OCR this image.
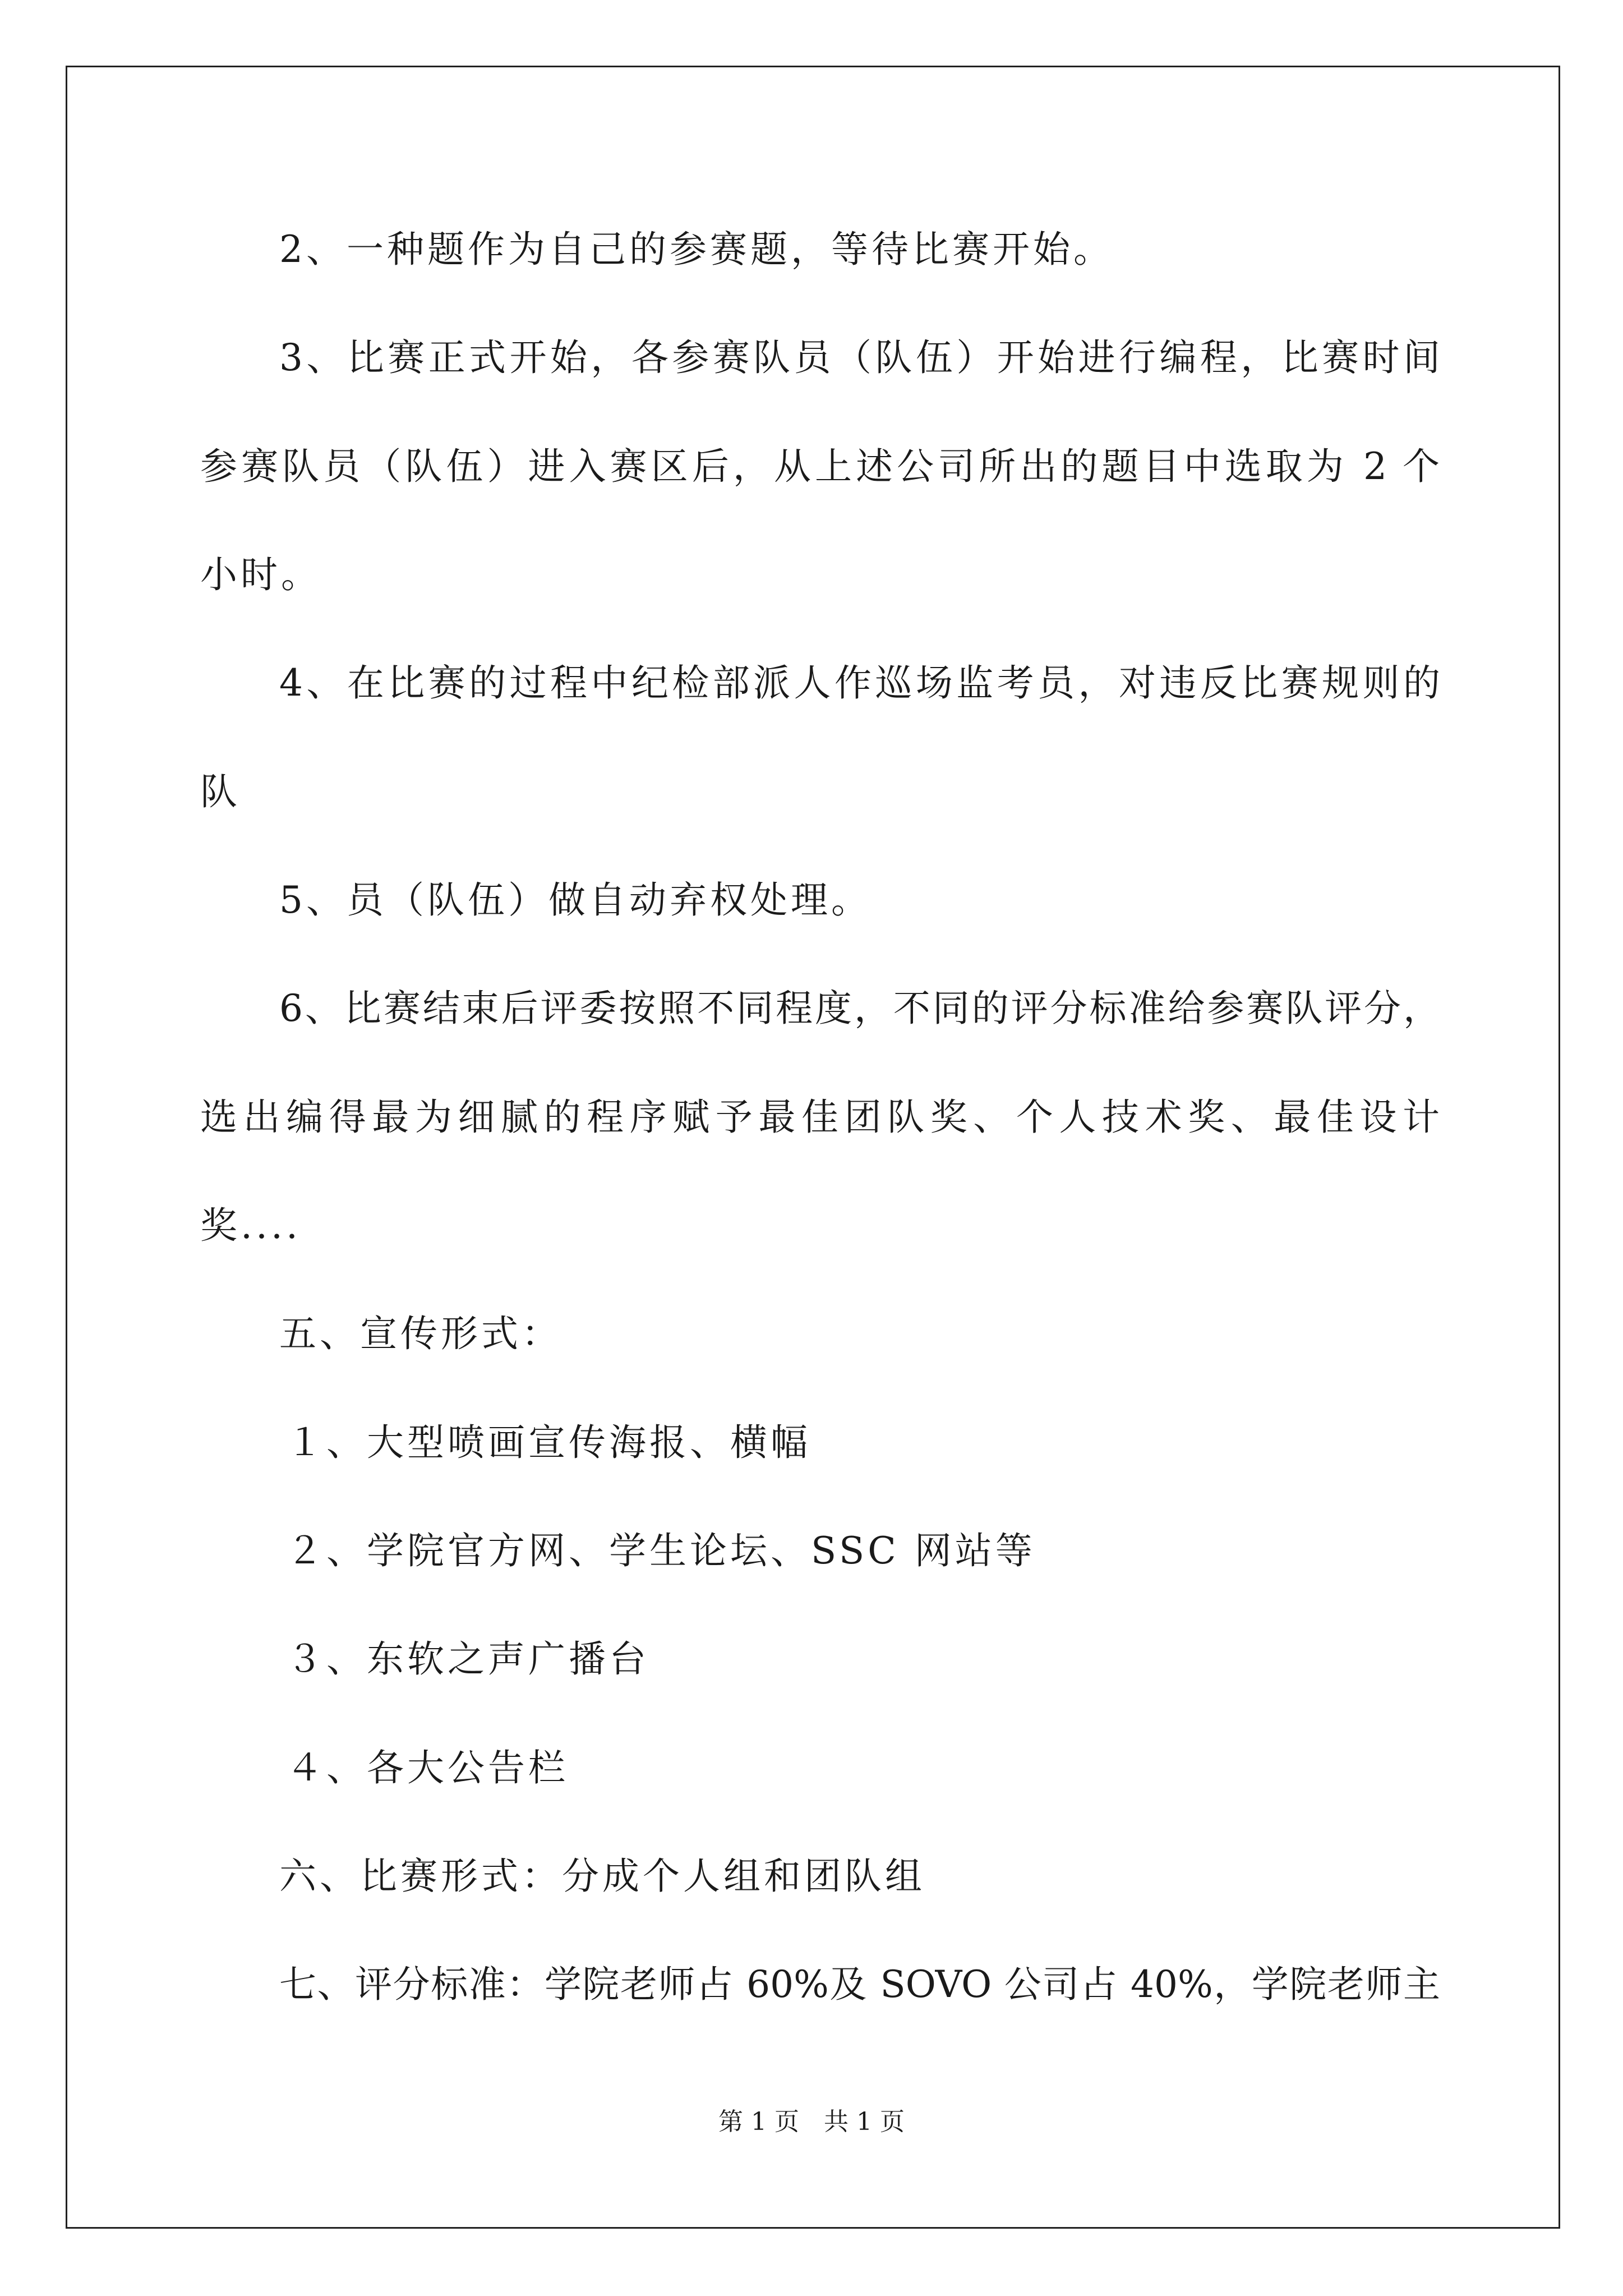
2、一种题作为自己的参赛题，等待比赛开始。
3、比赛正式开始，各参赛队员（队伍）开始进行编程，比赛时间
参赛队员（队伍）进入赛区后，从上述公司所出的题目中选取为 2 个
小时。
4、在比赛的过程中纪检部派人作巡场监考员，对违反比赛规则的
队
5、员（队伍）做自动弃权处理。
6、比赛结束后评委按照不同程度，不同的评分标准给参赛队评分，
选出编得最为细腻的程序赋予最佳团队奖、个人技术奖、最佳设计
奖....
五、宣传形式：
１、大型喷画宣传海报、横幅
２、学院官方网、学生论坛、SSC 网站等
３、东软之声广播台
４、各大公告栏
六、比赛形式：分成个人组和团队组
七、评分标准：学院老师占 60%及 SOVO 公司占 40%，学院老师主
第 1 页　共 1 页
